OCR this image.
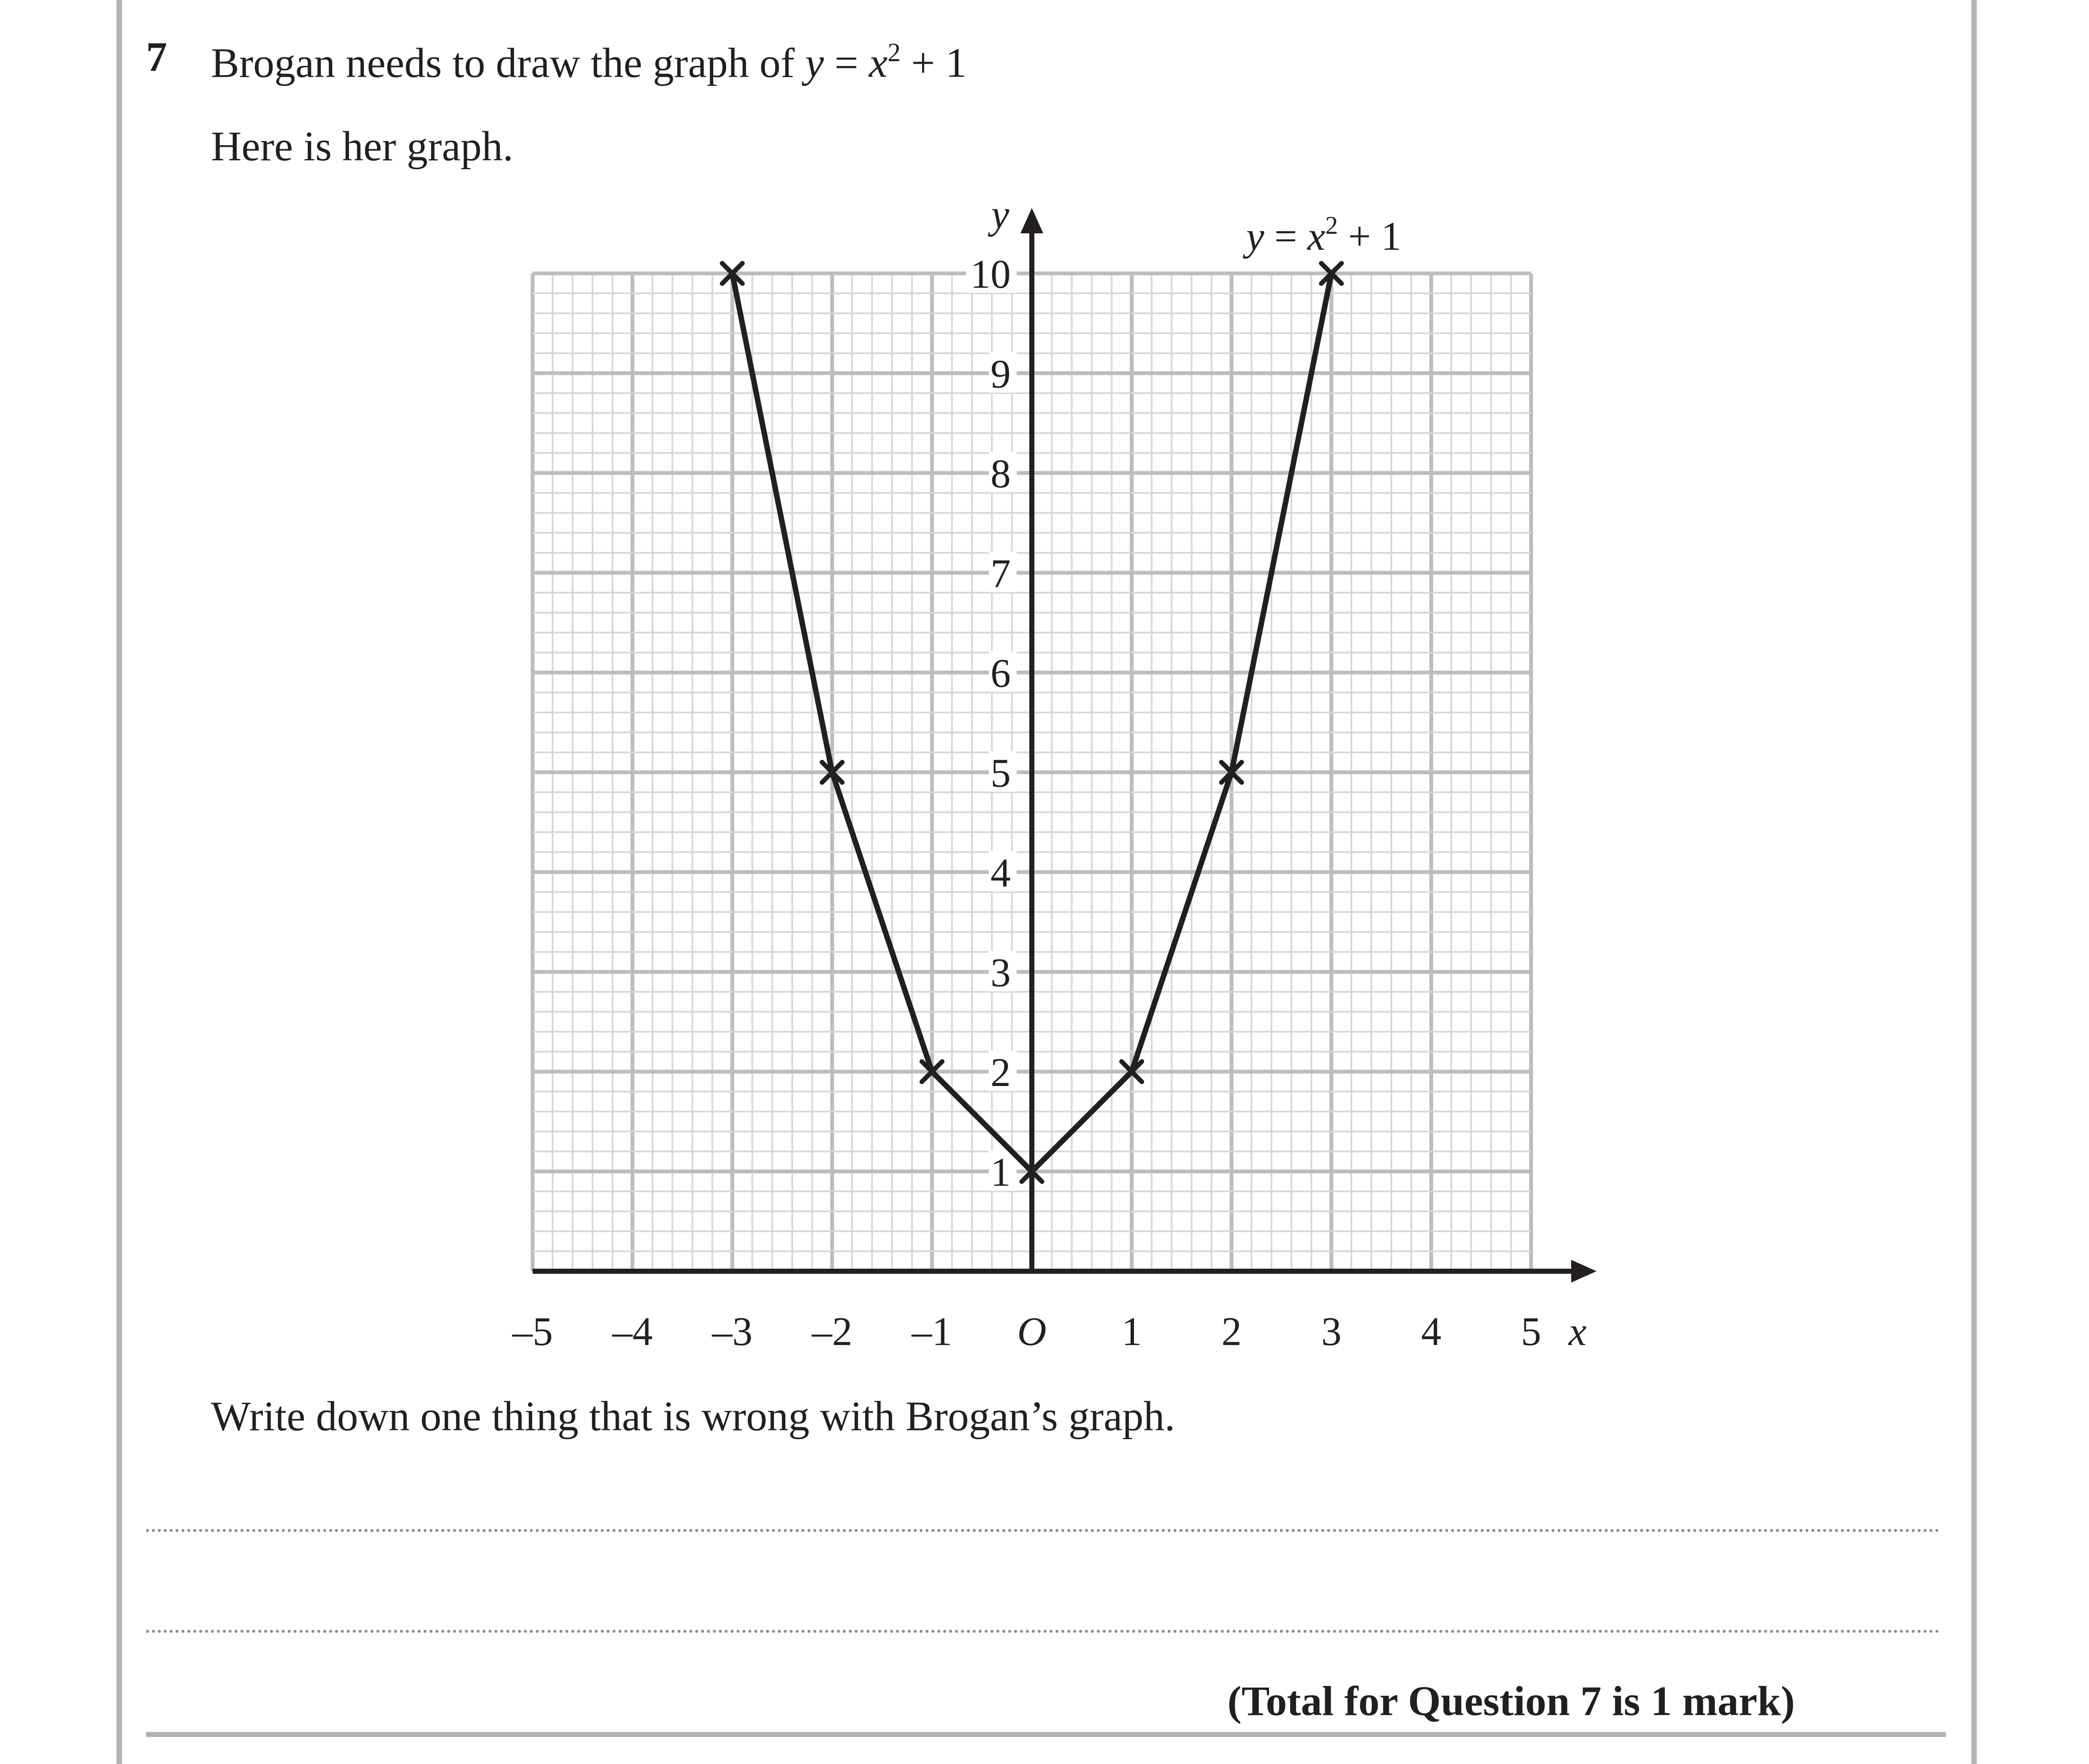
7 Brogan needs to draw the graph of $y = x^2 + 1$
Here is her graph.
–5 –4 –3 –2 –1	1 2 3 4 5
O	x
1
2
3
4
5
6
7
8
9
10
y	$y = x^2 + 1$
Write down one thing that is wrong with Brogan’s graph.
(Total for Question 7 is 1 mark)
